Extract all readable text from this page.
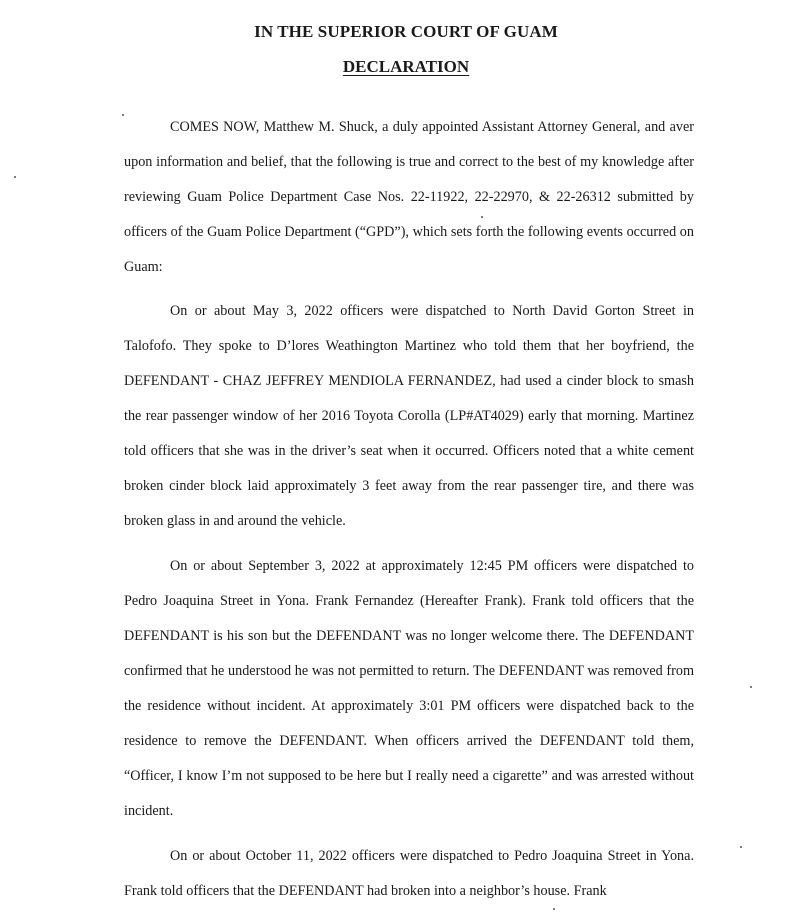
IN THE SUPERIOR COURT OF GUAM
DECLARATION

COMES NOW, Matthew M. Shuck, a duly appointed Assistant Attorney General, and aver upon information and belief, that the following is true and correct to the best of my knowledge after reviewing Guam Police Department Case Nos. 22-11922, 22-22970, & 22-26312 submitted by officers of the Guam Police Department (“GPD”), which sets forth the following events occurred on Guam:

On or about May 3, 2022 officers were dispatched to North David Gorton Street in Talofofo. They spoke to D’lores Weathington Martinez who told them that her boyfriend, the DEFENDANT - CHAZ JEFFREY MENDIOLA FERNANDEZ, had used a cinder block to smash the rear passenger window of her 2016 Toyota Corolla (LP#AT4029) early that morning. Martinez told officers that she was in the driver’s seat when it occurred. Officers noted that a white cement broken cinder block laid approximately 3 feet away from the rear passenger tire, and there was broken glass in and around the vehicle.

On or about September 3, 2022 at approximately 12:45 PM officers were dispatched to Pedro Joaquina Street in Yona. Frank Fernandez (Hereafter Frank). Frank told officers that the DEFENDANT is his son but the DEFENDANT was no longer welcome there. The DEFENDANT confirmed that he understood he was not permitted to return. The DEFENDANT was removed from the residence without incident. At approximately 3:01 PM officers were dispatched back to the residence to remove the DEFENDANT. When officers arrived the DEFENDANT told them, “Officer, I know I’m not supposed to be here but I really need a cigarette” and was arrested without incident.

On or about October 11, 2022 officers were dispatched to Pedro Joaquina Street in Yona. Frank told officers that the DEFENDANT had broken into a neighbor’s house. Frank
